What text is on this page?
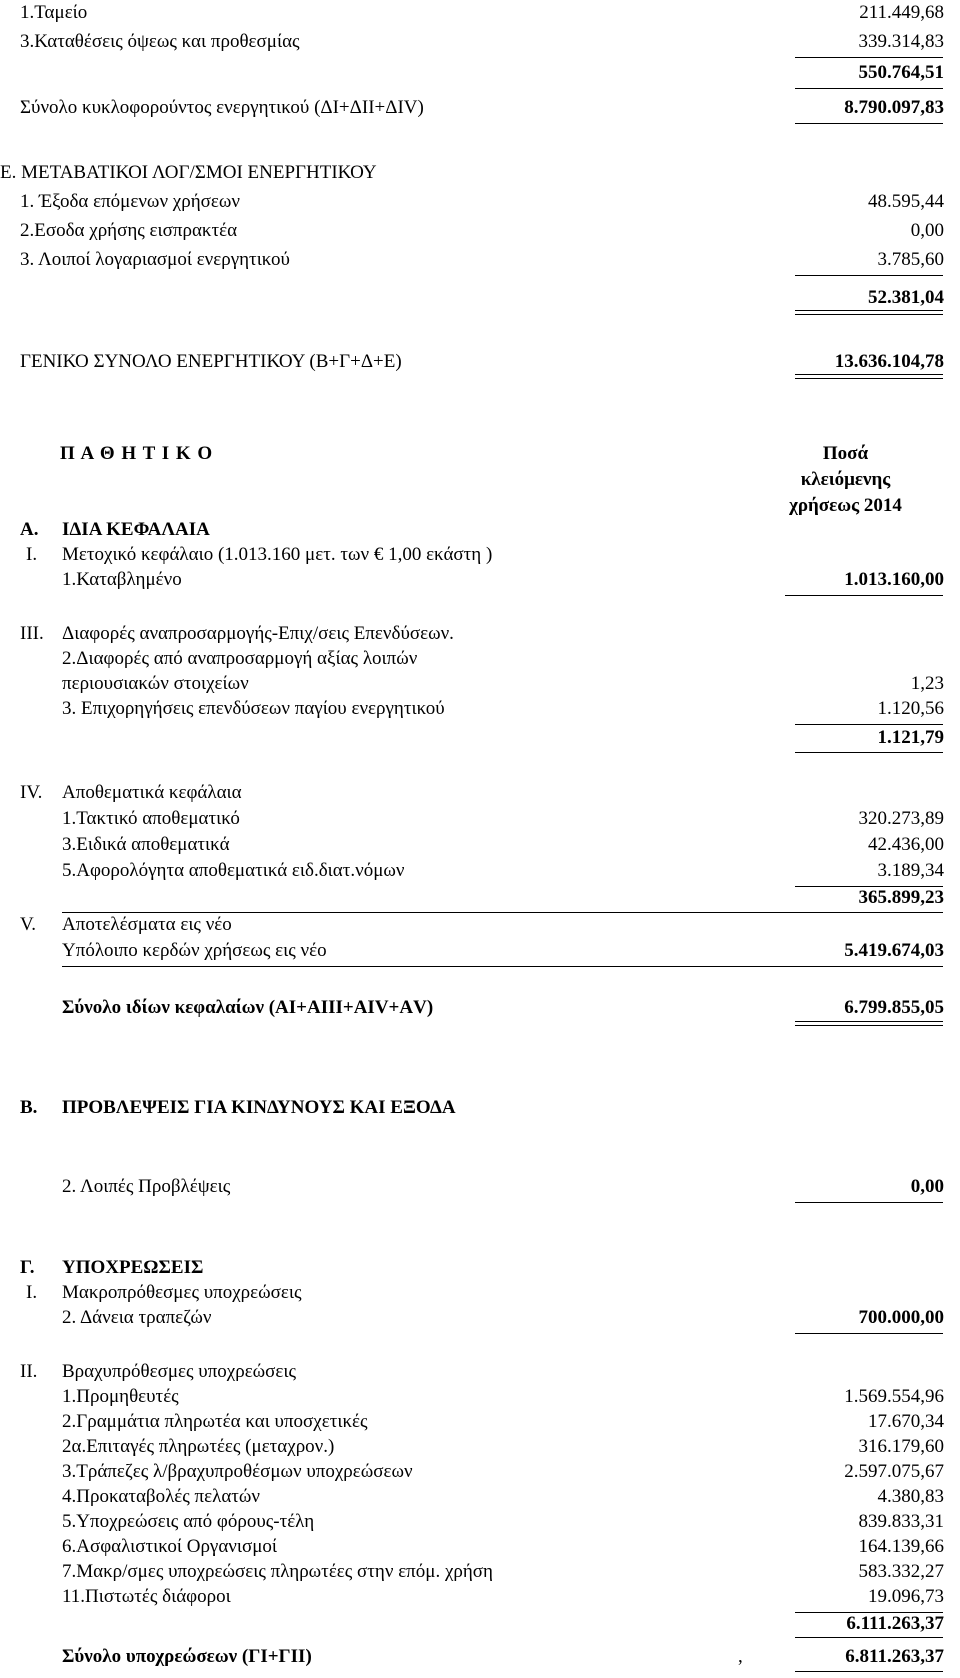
1.Ταμείο	211.449,68
3.Καταθέσεις όψεως και προθεσμίας	339.314,83
550.764,51
Σύνολο κυκλοφορούντος ενεργητικού (ΔΙ+ΔΙΙ+ΔΙV)	8.790.097,83
Ε. ΜΕΤΑΒΑΤΙΚΟΙ ΛΟΓ/ΣΜΟΙ ΕΝΕΡΓΗΤΙΚΟΥ
1. Έξοδα επόμενων χρήσεων	48.595,44
2.Εσοδα χρήσης εισπρακτέα	0,00
3. Λοιποί λογαριασμοί ενεργητικού	3.785,60
52.381,04
ΓΕΝΙΚΟ ΣΥΝΟΛΟ ΕΝΕΡΓΗΤΙΚΟΥ (Β+Γ+Δ+Ε)	13.636.104,78
Π Α Θ Η Τ Ι Κ Ο	Ποσά
κλειόμενης
χρήσεως 2014
Α. ΙΔΙΑ ΚΕΦΑΛΑΙΑ
Ι. Μετοχικό κεφάλαιο (1.013.160 μετ. των € 1,00 εκάστη )
1.Καταβλημένο	1.013.160,00
ΙΙΙ. Διαφορές αναπροσαρμογής-Επιχ/σεις Επενδύσεων.
2.Διαφορές από αναπροσαρμογή αξίας λοιπών
περιουσιακών στοιχείων	1,23
3. Επιχορηγήσεις επενδύσεων παγίου ενεργητικού	1.120,56
1.121,79
IV. Αποθεματικά κεφάλαια
1.Τακτικό αποθεματικό	320.273,89
3.Ειδικά αποθεματικά	42.436,00
5.Αφορολόγητα αποθεματικά ειδ.διατ.νόμων	3.189,34
365.899,23
V. Αποτελέσματα εις νέο
Υπόλοιπο κερδών χρήσεως εις νέο	5.419.674,03
Σύνολο ιδίων κεφαλαίων (ΑΙ+ΑΙΙΙ+ΑΙV+ΑV)	6.799.855,05
Β. ΠΡΟΒΛΕΨΕΙΣ ΓΙΑ ΚΙΝΔΥΝΟΥΣ ΚΑΙ ΕΞΟΔΑ
2. Λοιπές Προβλέψεις	0,00
Γ. ΥΠΟΧΡΕΩΣΕΙΣ
Ι. Μακροπρόθεσμες υποχρεώσεις
2. Δάνεια τραπεζών	700.000,00
ΙΙ. Βραχυπρόθεσμες υποχρεώσεις
1.Προμηθευτές	1.569.554,96
2.Γραμμάτια πληρωτέα και υποσχετικές	17.670,34
2α.Επιταγές πληρωτέες (μεταχρον.)	316.179,60
3.Τράπεζες λ/βραχυπροθέσμων υποχρεώσεων	2.597.075,67
4.Προκαταβολές πελατών	4.380,83
5.Υποχρεώσεις από φόρους-τέλη	839.833,31
6.Ασφαλιστικοί Οργανισμοί	164.139,66
7.Μακρ/σμες υποχρεώσεις πληρωτέες στην επόμ. χρήση	583.332,27
11.Πιστωτές διάφοροι	19.096,73
6.111.263,37
Σύνολο υποχρεώσεων (ΓΙ+ΓΙΙ)	,	6.811.263,37
